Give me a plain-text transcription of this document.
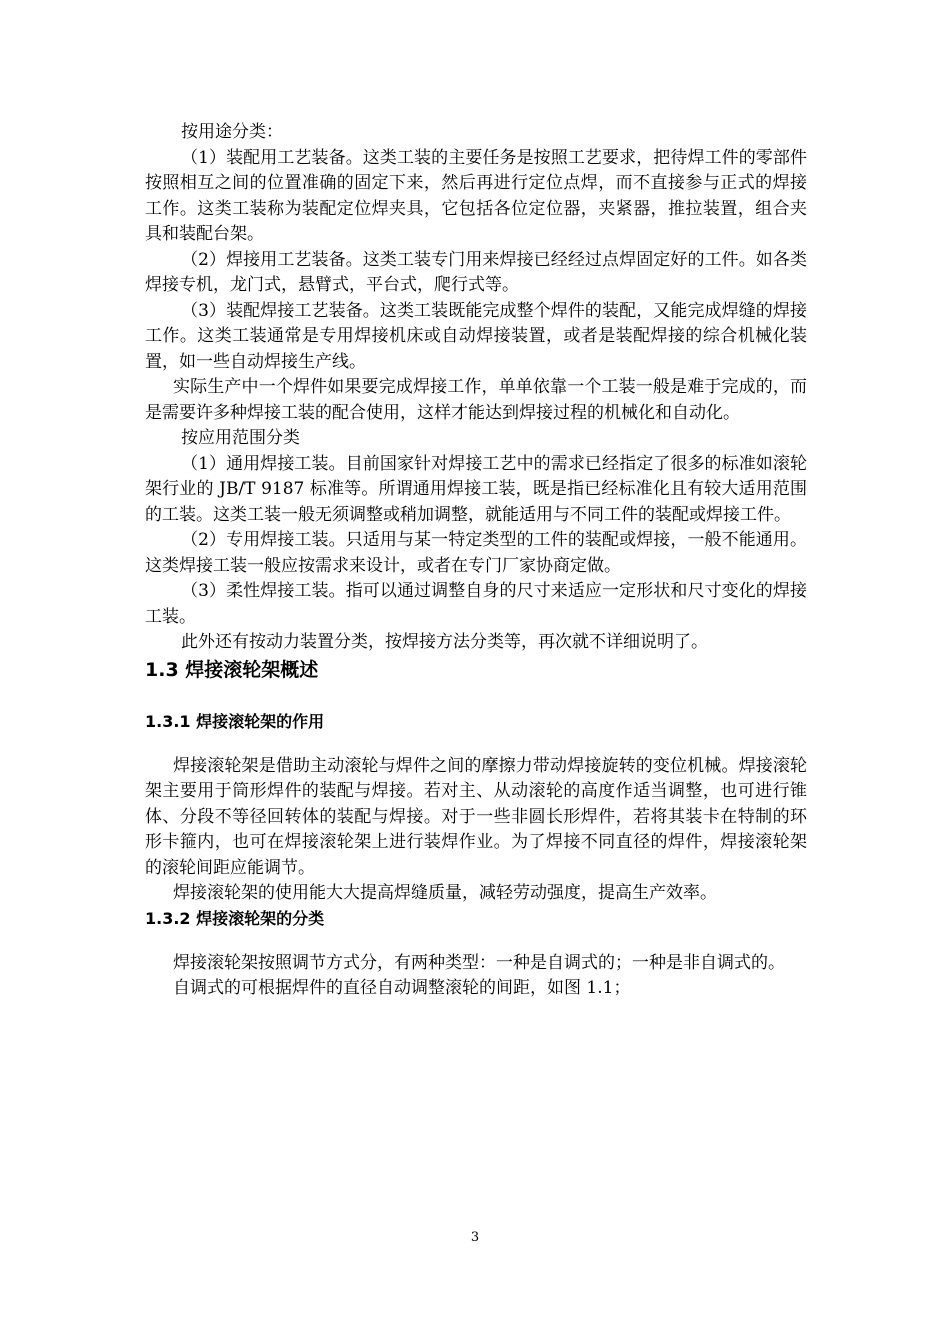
按用途分类：

（1）装配用工艺装备。这类工装的主要任务是按照工艺要求，把待焊工件的零部件按照相互之间的位置准确的固定下来，然后再进行定位点焊，而不直接参与正式的焊接工作。这类工装称为装配定位焊夹具，它包括各位定位器，夹紧器，推拉装置，组合夹具和装配台架。

（2）焊接用工艺装备。这类工装专门用来焊接已经经过点焊固定好的工件。如各类焊接专机，龙门式，悬臂式，平台式，爬行式等。

（3）装配焊接工艺装备。这类工装既能完成整个焊件的装配，又能完成焊缝的焊接工作。这类工装通常是专用焊接机床或自动焊接装置，或者是装配焊接的综合机械化装置，如一些自动焊接生产线。

实际生产中一个焊件如果要完成焊接工作，单单依靠一个工装一般是难于完成的，而是需要许多种焊接工装的配合使用，这样才能达到焊接过程的机械化和自动化。

按应用范围分类

（1）通用焊接工装。目前国家针对焊接工艺中的需求已经指定了很多的标准如滚轮架行业的 JB/T 9187 标准等。所谓通用焊接工装，既是指已经标准化且有较大适用范围的工装。这类工装一般无须调整或稍加调整，就能适用与不同工件的装配或焊接工件。

（2）专用焊接工装。只适用与某一特定类型的工件的装配或焊接，一般不能通用。这类焊接工装一般应按需求来设计，或者在专门厂家协商定做。

（3）柔性焊接工装。指可以通过调整自身的尺寸来适应一定形状和尺寸变化的焊接工装。

此外还有按动力装置分类，按焊接方法分类等，再次就不详细说明了。

1.3 焊接滚轮架概述
1.3.1 焊接滚轮架的作用

焊接滚轮架是借助主动滚轮与焊件之间的摩擦力带动焊接旋转的变位机械。焊接滚轮架主要用于筒形焊件的装配与焊接。若对主、从动滚轮的高度作适当调整，也可进行锥体、分段不等径回转体的装配与焊接。对于一些非圆长形焊件，若将其装卡在特制的环形卡箍内，也可在焊接滚轮架上进行装焊作业。为了焊接不同直径的焊件，焊接滚轮架的滚轮间距应能调节。

焊接滚轮架的使用能大大提高焊缝质量，减轻劳动强度，提高生产效率。

1.3.2 焊接滚轮架的分类

焊接滚轮架按照调节方式分，有两种类型：一种是自调式的；一种是非自调式的。

自调式的可根据焊件的直径自动调整滚轮的间距，如图 1.1；

3
